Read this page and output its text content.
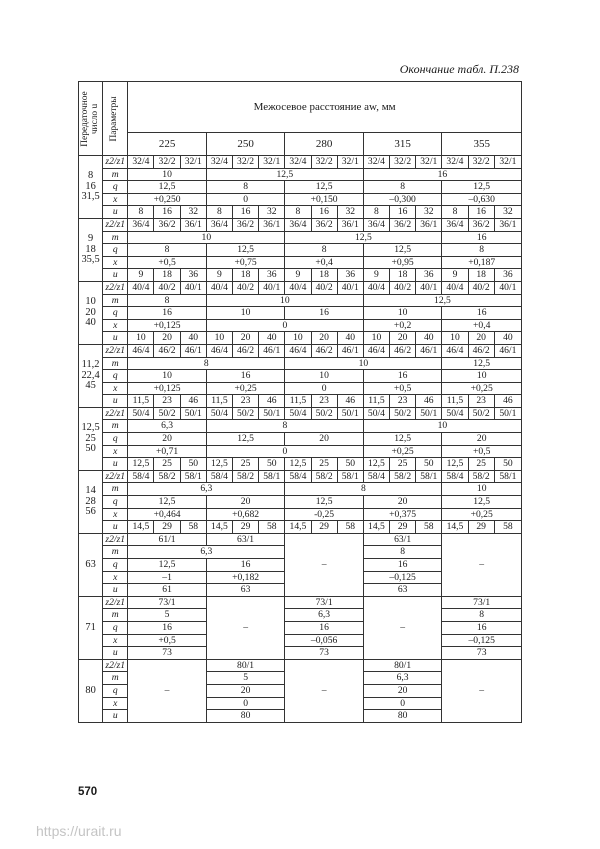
Окончание табл. П.238
Передаточное
число u	Параметры	Межосевое расстояние aw, мм														
		225			250			280			315			355		
8
16
31,5	z2/z1	32/4	32/2	32/1	32/4	32/2	32/1	32/4	32/2	32/1	32/4	32/2	32/1	32/4	32/2	32/1
	m	10			12,5						16					
	q	12,5			8			12,5			8			12,5		
	x	+0,250			0			+0,150			–0,300			–0,630		
	u	8	16	32	8	16	32	8	16	32	8	16	32	8	16	32
9
18
35,5	z2/z1	36/4	36/2	36/1	36/4	36/2	36/1	36/4	36/2	36/1	36/4	36/2	36/1	36/4	36/2	36/1
	m	10						12,5						16		
	q	8			12,5			8			12,5			8		
	x	+0,5			+0,75			+0,4			+0,95			+0,187		
	u	9	18	36	9	18	36	9	18	36	9	18	36	9	18	36
10
20
40	z2/z1	40/4	40/2	40/1	40/4	40/2	40/1	40/4	40/2	40/1	40/4	40/2	40/1	40/4	40/2	40/1
	m	8			10						12,5					
	q	16			10			16			10			16		
	x	+0,125			0						+0,2			+0,4		
	u	10	20	40	10	20	40	10	20	40	10	20	40	10	20	40
11,2
22,4
45	z2/z1	46/4	46/2	46/1	46/4	46/2	46/1	46/4	46/2	46/1	46/4	46/2	46/1	46/4	46/2	46/1
	m	8						10						12,5		
	q	10			16			10			16			10		
	x	+0,125			+0,25			0			+0,5			+0,25		
	u	11,5	23	46	11,5	23	46	11,5	23	46	11,5	23	46	11,5	23	46
12,5
25
50	z2/z1	50/4	50/2	50/1	50/4	50/2	50/1	50/4	50/2	50/1	50/4	50/2	50/1	50/4	50/2	50/1
	m	6,3			8						10					
	q	20			12,5			20			12,5			20		
	x	+0,71			0						+0,25			+0,5		
	u	12,5	25	50	12,5	25	50	12,5	25	50	12,5	25	50	12,5	25	50
14
28
56	z2/z1	58/4	58/2	58/1	58/4	58/2	58/1	58/4	58/2	58/1	58/4	58/2	58/1	58/4	58/2	58/1
	m	6,3						8						10		
	q	12,5			20			12,5			20			12,5		
	x	+0,464			+0,682			-0,25			+0,375			+0,25		
	u	14,5	29	58	14,5	29	58	14,5	29	58	14,5	29	58	14,5	29	58
63	z2/z1	61/1			63/1			–			63/1			–		
	m	6,3									8					
	q	12,5			16						16					
	x	–1			+0,182						–0,125					
	u	61			63						63					
71	z2/z1	73/1			–			73/1			–			73/1		
	m	5						6,3						8		
	q	16						16						16		
	x	+0,5						–0,056						–0,125		
	u	73						73						73		
80	z2/z1	–			80/1			–			80/1			–		
	m				5						6,3					
	q				20						20					
	x				0						0					
	u				80						80					
570
https://urait.ru
